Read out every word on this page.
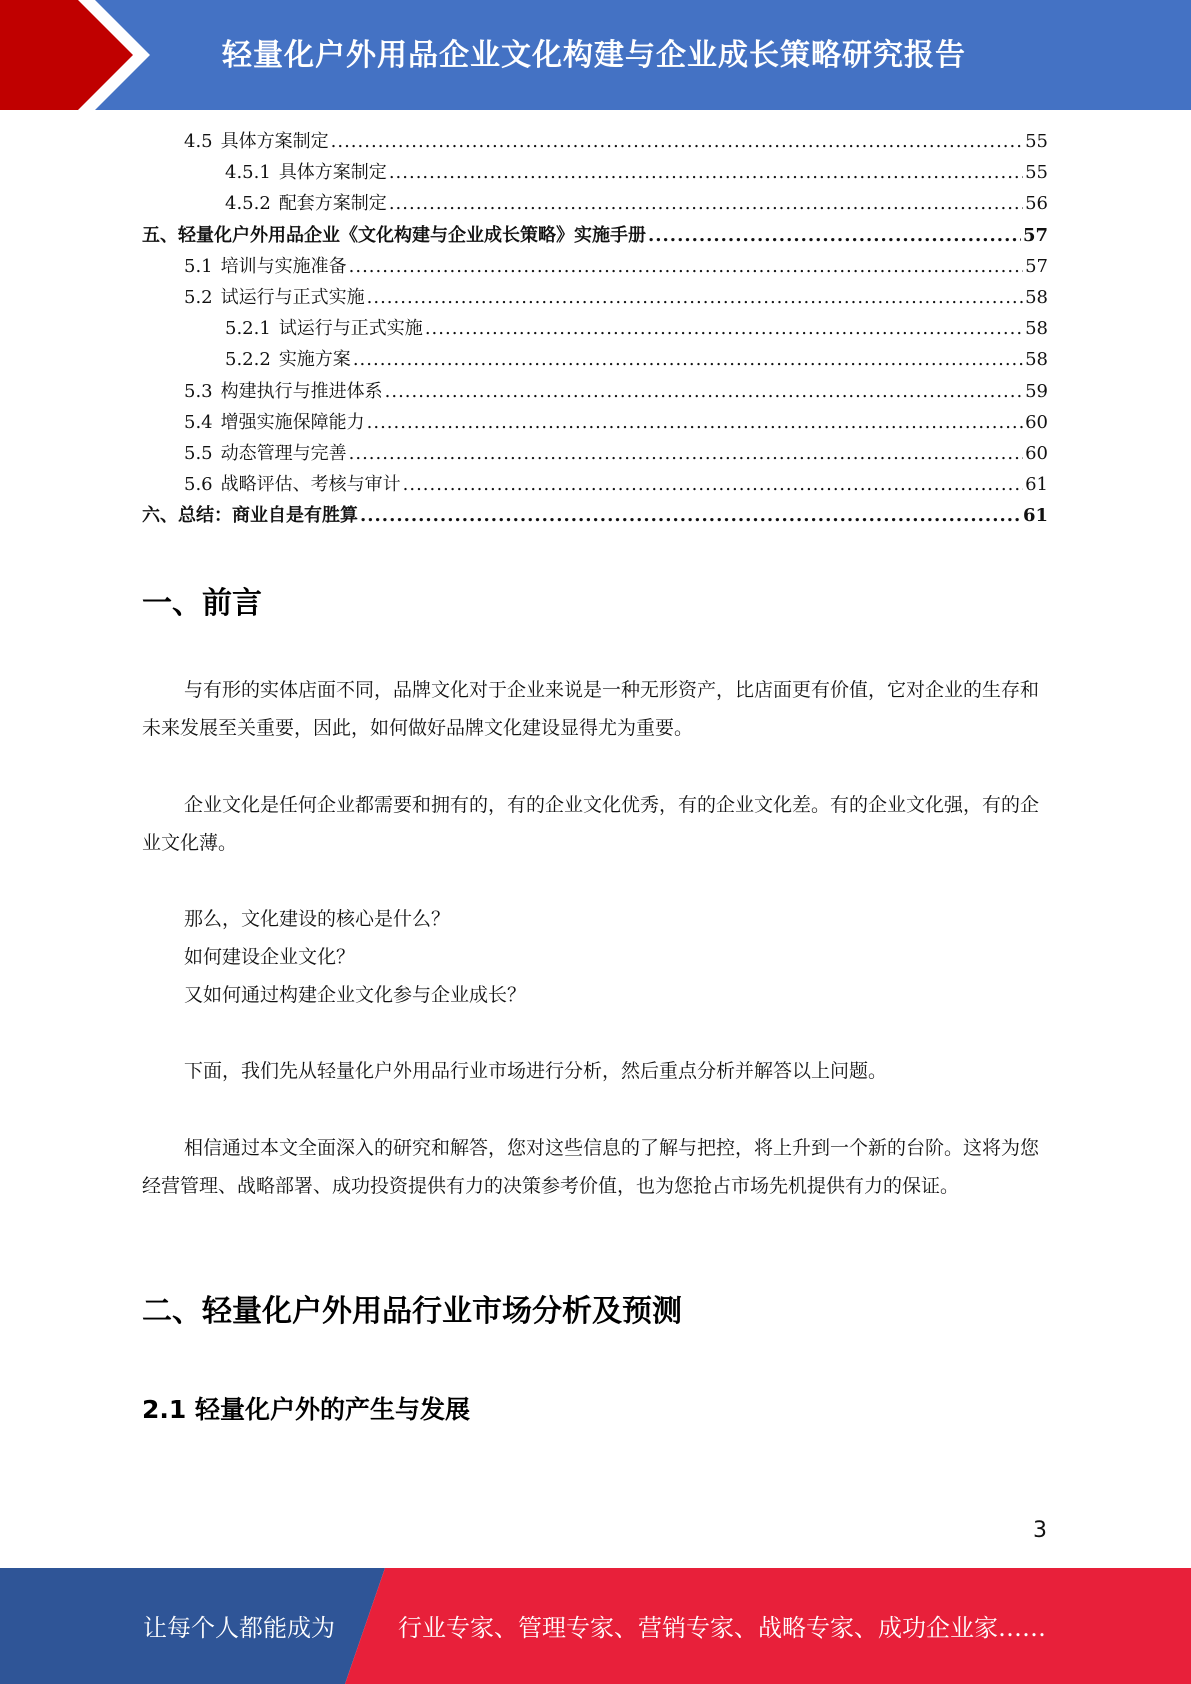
轻量化户外用品企业文化构建与企业成长策略研究报告
4.5 具体方案制定 .....	55
4.5.1 具体方案制定 .....	55
4.5.2 配套方案制定 .....	56
五、轻量化户外用品企业《文化构建与企业成长策略》实施手册 .....	57
5.1 培训与实施准备 .....	57
5.2 试运行与正式实施 .....	58
5.2.1 试运行与正式实施 .....	58
5.2.2 实施方案 .....	58
5.3 构建执行与推进体系 .....	59
5.4 增强实施保障能力 .....	60
5.5 动态管理与完善 .....	60
5.6 战略评估、考核与审计 .....	61
六、总结：商业自是有胜算 .....	61
一、前言
与有形的实体店面不同，品牌文化对于企业来说是一种无形资产，比店面更有价值，它对企业的生存和未来发展至关重要，因此，如何做好品牌文化建设显得尤为重要。
企业文化是任何企业都需要和拥有的，有的企业文化优秀，有的企业文化差。有的企业文化强，有的企业文化薄。
那么，文化建设的核心是什么？
如何建设企业文化？
又如何通过构建企业文化参与企业成长？
下面，我们先从轻量化户外用品行业市场进行分析，然后重点分析并解答以上问题。
相信通过本文全面深入的研究和解答，您对这些信息的了解与把控，将上升到一个新的台阶。这将为您经营管理、战略部署、成功投资提供有力的决策参考价值，也为您抢占市场先机提供有力的保证。
二、轻量化户外用品行业市场分析及预测
2.1 轻量化户外的产生与发展
3
让每个人都能成为	行业专家、管理专家、营销专家、战略专家、成功企业家……
